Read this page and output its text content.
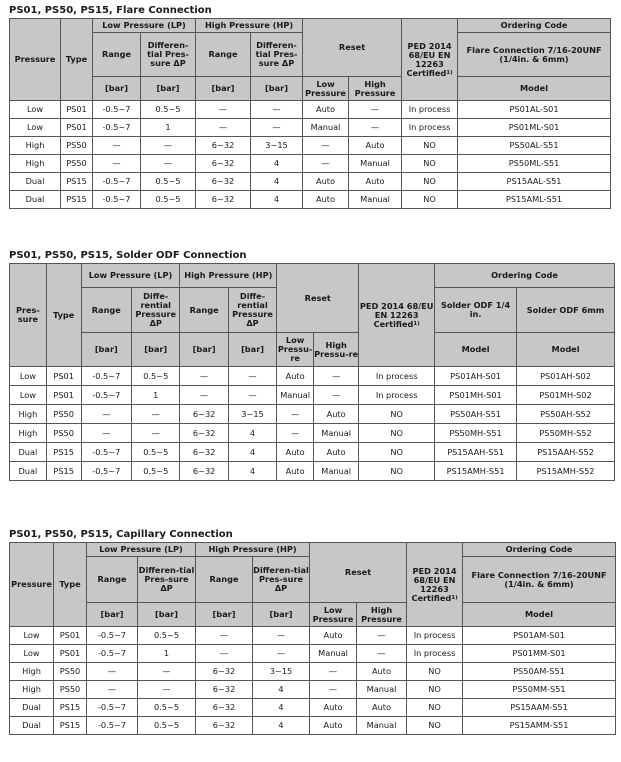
PS01, PS50, PS15, Flare Connection
Pressure	Type	Low Pressure (LP)		High Pressure (HP)		Reset		PED 2014 68/EU EN 12263 Certified$^{1)}$	Ordering Code
		Range	Differen-tial Pres-sure ΔP	Range	Differen-tial Pres-sure ΔP				Flare Connection 7/16-20UNF (1/4in. & 6mm)
		[bar]	[bar]	[bar]	[bar]	Low Pressure	High Pressure		Model
Low	PS01	-0.5~7	0.5~5	—	—	Auto	—	In process	PS01AL-S01
Low	PS01	-0.5~7	1	—	—	Manual	—	In process	PS01ML-S01
High	PS50	—	—	6~32	3~15	—	Auto	NO	PS50AL-S51
High	PS50	—	—	6~32	4	—	Manual	NO	PS50ML-S51
Dual	PS15	-0.5~7	0.5~5	6~32	4	Auto	Auto	NO	PS15AAL-S51
Dual	PS15	-0.5~7	0.5~5	6~32	4	Auto	Manual	NO	PS15AML-S51
PS01, PS50, PS15, Solder ODF Connection
Pres-sure	Type	Low Pressure (LP)		High Pressure (HP)		Reset		PED 2014 68/EU EN 12263 Certified$^{1)}$	Ordering Code	
		Range	Diffe-rential Pressure ΔP	Range	Diffe-rential Pressure ΔP				Solder ODF 1/4 in.	Solder ODF 6mm
		[bar]	[bar]	[bar]	[bar]	Low Pressu-re	High Pressu-re		Model	Model
Low	PS01	-0.5~7	0.5~5	—	—	Auto	—	In process	PS01AH-S01	PS01AH-S02
Low	PS01	-0.5~7	1	—	—	Manual	—	In process	PS01MH-S01	PS01MH-S02
High	PS50	—	—	6~32	3~15	—	Auto	NO	PS50AH-S51	PS50AH-S52
High	PS50	—	—	6~32	4	—	Manual	NO	PS50MH-S51	PS50MH-S52
Dual	PS15	-0.5~7	0.5~5	6~32	4	Auto	Auto	NO	PS15AAH-S51	PS15AAH-S52
Dual	PS15	-0.5~7	0.5~5	6~32	4	Auto	Manual	NO	PS15AMH-S51	PS15AMH-S52
PS01, PS50, PS15, Capillary Connection
Pressure	Type	Low Pressure (LP)		High Pressure (HP)		Reset		PED 2014 68/EU EN 12263 Certified$^{1)}$	Ordering Code
		Range	Differen-tial Pres-sure ΔP	Range	Differen-tial Pres-sure ΔP				Flare Connection 7/16-20UNF (1/4in. & 6mm)
		[bar]	[bar]	[bar]	[bar]	Low Pressure	High Pressure		Model
Low	PS01	-0.5~7	0.5~5	—	—	Auto	—	In process	PS01AM-S01
Low	PS01	-0.5~7	1	—	—	Manual	—	In process	PS01MM-S01
High	PS50	—	—	6~32	3~15	—	Auto	NO	PS50AM-S51
High	PS50	—	—	6~32	4	—	Manual	NO	PS50MM-S51
Dual	PS15	-0.5~7	0.5~5	6~32	4	Auto	Auto	NO	PS15AAM-S51
Dual	PS15	-0.5~7	0.5~5	6~32	4	Auto	Manual	NO	PS15AMM-S51
